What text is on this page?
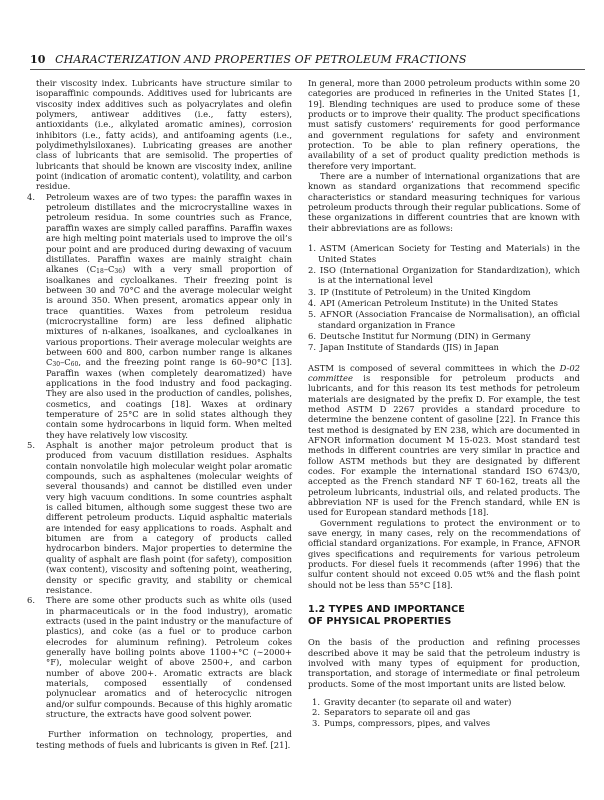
10 CHARACTERIZATION AND PROPERTIES OF PETROLEUM FRACTIONS

their viscosity index. Lubricants have structure similar to isoparaffinic compounds. Additives used for lubricants are viscosity index additives such as polyacrylates and olefin polymers, antiwear additives (i.e., fatty esters), antioxidants (i.e., alkylated aromatic amines), corrosion inhibitors (i.e., fatty acids), and antifoaming agents (i.e., polydimethylsiloxanes). Lubricating greases are another class of lubricants that are semisolid. The properties of lubricants that should be known are viscosity index, aniline point (indication of aromatic content), volatility, and carbon residue.

4. Petroleum waxes are of two types: the paraffin waxes in petroleum distillates and the microcrystalline waxes in petroleum residua. In some countries such as France, paraffin waxes are simply called paraffins. Paraffin waxes are high melting point materials used to improve the oil’s pour point and are produced during dewaxing of vacuum distillates. Paraffin waxes are mainly straight chain alkanes $(C_{18}-C_{36})$ with a very small proportion of isoalkanes and cycloalkanes. Their freezing point is between 30 and 70°C and the average molecular weight is around 350. When present, aromatics appear only in trace quantities. Waxes from petroleum residua (microcrystalline form) are less defined aliphatic mixtures of n-alkanes, isoalkanes, and cycloalkanes in various proportions. Their average molecular weights are between 600 and 800, carbon number range is alkanes $C_{30}-C_{60}$, and the freezing point range is 60–90°C [13]. Paraffin waxes (when completely dearomatized) have applications in the food industry and food packaging. They are also used in the production of candles, polishes, cosmetics, and coatings [18]. Waxes at ordinary temperature of 25°C are in solid states although they contain some hydrocarbons in liquid form. When melted they have relatively low viscosity.
5. Asphalt is another major petroleum product that is produced from vacuum distillation residues. Asphalts contain nonvolatile high molecular weight polar aromatic compounds, such as asphaltenes (molecular weights of several thousands) and cannot be distilled even under very high vacuum conditions. In some countries asphalt is called bitumen, although some suggest these two are different petroleum products. Liquid asphaltic materials are intended for easy applications to roads. Asphalt and bitumen are from a category of products called hydrocarbon binders. Major properties to determine the quality of asphalt are flash point (for safety), composition (wax content), viscosity and softening point, weathering, density or specific gravity, and stability or chemical resistance.
6. There are some other products such as white oils (used in pharmaceuticals or in the food industry), aromatic extracts (used in the paint industry or the manufacture of plastics), and coke (as a fuel or to produce carbon elecrodes for aluminum refining). Petroleum cokes generally have boiling points above 1100+°C (∼2000+°F), molecular weight of above 2500+, and carbon number of above 200+. Aromatic extracts are black materials, composed essentially of condensed polynuclear aromatics and of heterocyclic nitrogen and/or sulfur compounds. Because of this highly aromatic structure, the extracts have good solvent power.

Further information on technology, properties, and testing methods of fuels and lubricants is given in Ref. [21].

In general, more than 2000 petroleum products within some 20 categories are produced in refineries in the United States [1, 19]. Blending techniques are used to produce some of these products or to improve their quality. The product specifications must satisfy customers’ requirements for good performance and government regulations for safety and environment protection. To be able to plan refinery operations, the availability of a set of product quality prediction methods is therefore very important.

There are a number of international organizations that are known as standard organizations that recommend specific characteristics or standard measuring techniques for various petroleum products through their regular publications. Some of these organizations in different countries that are known with their abbreviations are as follows:

1. ASTM (American Society for Testing and Materials) in the United States
2. ISO (International Organization for Standardization), which is at the international level
3. IP (Institute of Petroleum) in the United Kingdom
4. API (American Petroleum Institute) in the United States
5. AFNOR (Association Francaise de Normalisation), an official standard organization in France
6. Deutsche Institut fur Normung (DIN) in Germany
7. Japan Institute of Standards (JIS) in Japan

ASTM is composed of several committees in which the D-02 committee is responsible for petroleum products and lubricants, and for this reason its test methods for petroleum materials are designated by the prefix D. For example, the test method ASTM D 2267 provides a standard procedure to determine the benzene content of gasoline [22]. In France this test method is designated by EN 238, which are documented in AFNOR information document M 15-023. Most standard test methods in different countries are very similar in practice and follow ASTM methods but they are designated by different codes. For example the international standard ISO 6743/0, accepted as the French standard NF T 60-162, treats all the petroleum lubricants, industrial oils, and related products. The abbreviation NF is used for the French standard, while EN is used for European standard methods [18].

Government regulations to protect the environment or to save energy, in many cases, rely on the recommendations of official standard organizations. For example, in France, AFNOR gives specifications and requirements for various petroleum products. For diesel fuels it recommends (after 1996) that the sulfur content should not exceed 0.05 wt% and the flash point should not be less than 55°C [18].

1.2 TYPES AND IMPORTANCE
OF PHYSICAL PROPERTIES

On the basis of the production and refining processes described above it may be said that the petroleum industry is involved with many types of equipment for production, transportation, and storage of intermediate or final petroleum products. Some of the most important units are listed below.

1. Gravity decanter (to separate oil and water)
2. Separators to separate oil and gas
3. Pumps, compressors, pipes, and valves
